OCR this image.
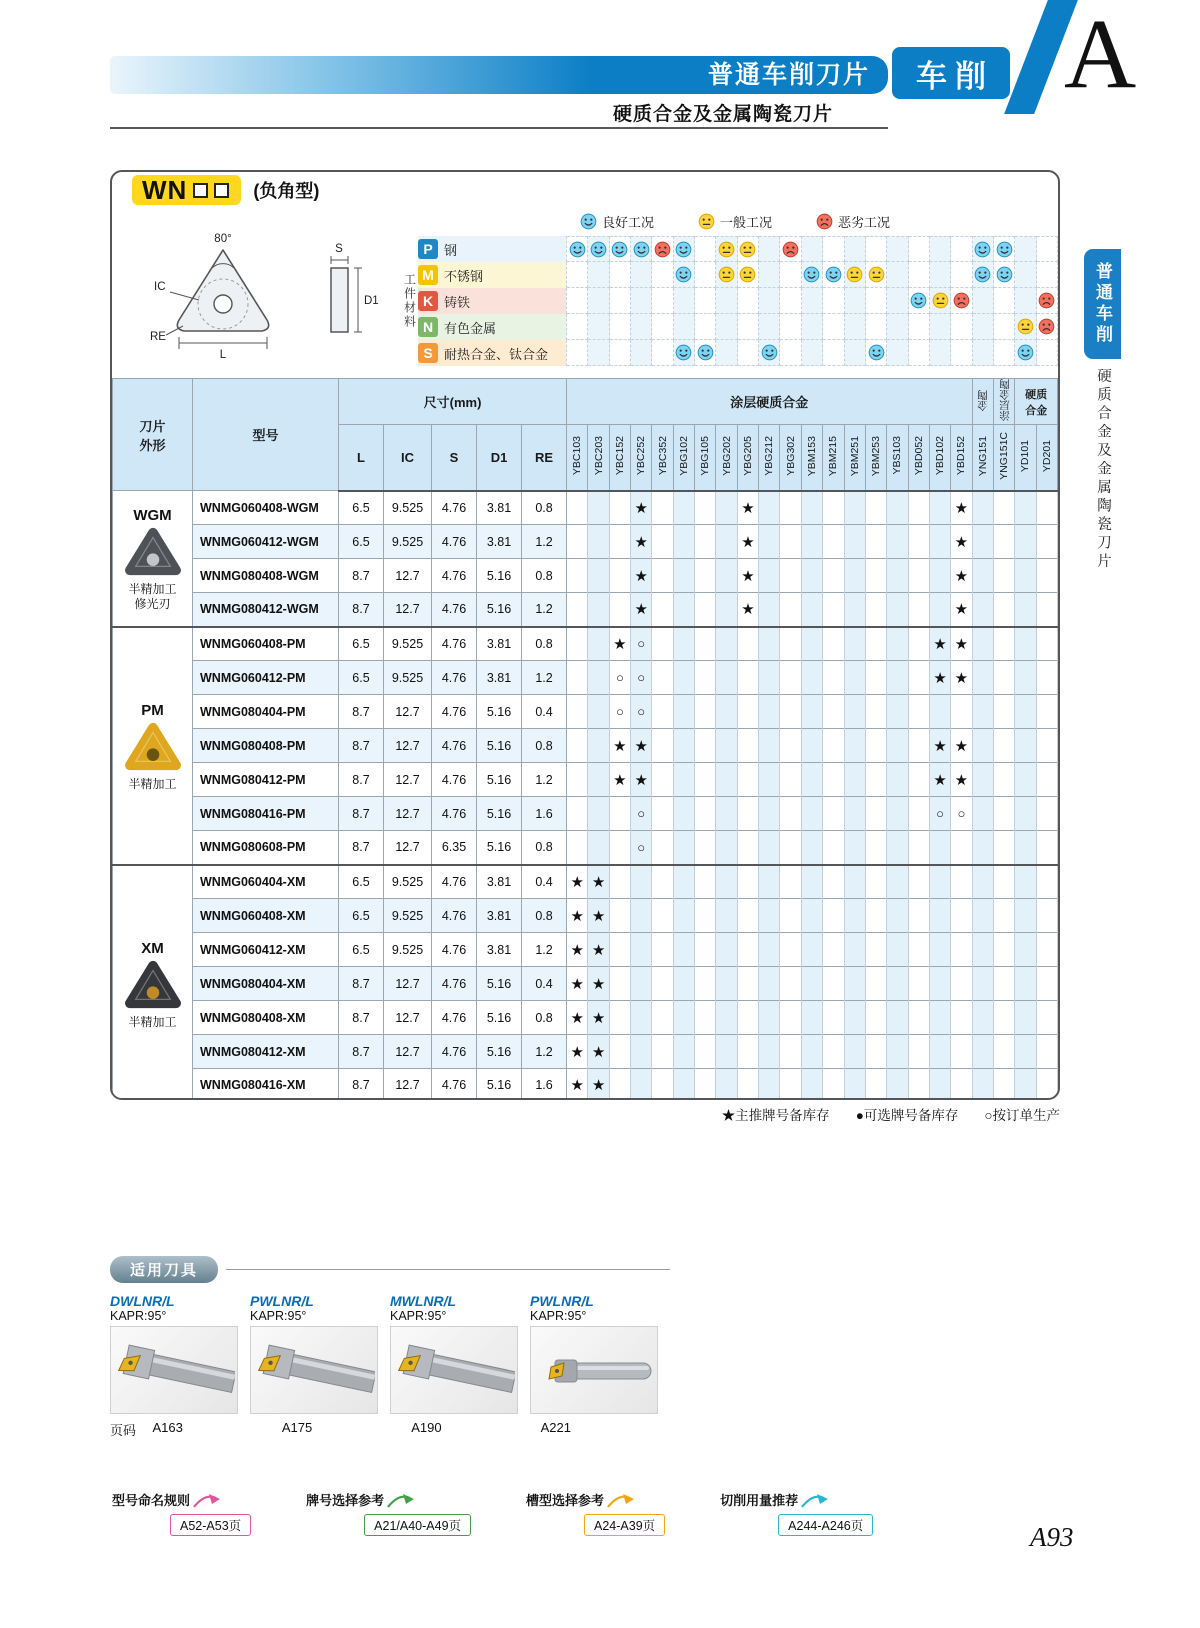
普通车削刀片	车削 A
硬质合金及金属陶瓷刀片
普通车削
硬质合金及金属陶瓷刀片
WN	(负角型)
80°
IC
RE
L
S
D1
良好工况	一般工况	恶劣工况
工件材料
P 钢
M 不锈钢
K 铸铁
N 有色金属
S 耐热合金、钛合金
刀片
外形	型号	尺寸(mm)					涂层硬质合金																			金陶	涂层金陶	硬质
合金	
		L	IC	S	D1	RE	YBC103	YBC203	YBC152	YBC252	YBC352	YBG102	YBG105	YBG202	YBG205	YBG212	YBG302	YBM153	YBM215	YBM251	YBM253	YBS103	YBD052	YBD102	YBD152	YNG151	YNG151C	YD101	YD201

WGM
半精加工
修光刃	WNMG060408-WGM	6.5	9.525	4.76	3.81	0.8				★					★										★				
	WNMG060412-WGM	6.5	9.525	4.76	3.81	1.2				★					★										★				
	WNMG080408-WGM	8.7	12.7	4.76	5.16	0.8				★					★										★				
	WNMG080412-WGM	8.7	12.7	4.76	5.16	1.2				★					★										★				

PM
半精加工	WNMG060408-PM	6.5	9.525	4.76	3.81	0.8			★	○														★	★				
	WNMG060412-PM	6.5	9.525	4.76	3.81	1.2			○	○														★	★				
	WNMG080404-PM	8.7	12.7	4.76	5.16	0.4			○	○																			
	WNMG080408-PM	8.7	12.7	4.76	5.16	0.8			★	★														★	★				
	WNMG080412-PM	8.7	12.7	4.76	5.16	1.2			★	★														★	★				
	WNMG080416-PM	8.7	12.7	4.76	5.16	1.6				○														○	○				
	WNMG080608-PM	8.7	12.7	6.35	5.16	0.8				○																			

XM
半精加工	WNMG060404-XM	6.5	9.525	4.76	3.81	0.4	★	★																					
	WNMG060408-XM	6.5	9.525	4.76	3.81	0.8	★	★																					
	WNMG060412-XM	6.5	9.525	4.76	3.81	1.2	★	★																					
	WNMG080404-XM	8.7	12.7	4.76	5.16	0.4	★	★																					
	WNMG080408-XM	8.7	12.7	4.76	5.16	0.8	★	★																					
	WNMG080412-XM	8.7	12.7	4.76	5.16	1.2	★	★																					
	WNMG080416-XM	8.7	12.7	4.76	5.16	1.6	★	★																					
★主推牌号备库存 ●可选牌号备库存 ○按订单生产
适用刀具
DWLNR/L
KAPR:95°
PWLNR/L
KAPR:95°
MWLNR/L
KAPR:95°
PWLNR/L
KAPR:95°
页码	A163	A175	A190	A221
型号命名规则
A52-A53页
牌号选择参考
A21/A40-A49页
槽型选择参考
A24-A39页
切削用量推荐
A244-A246页	A93
